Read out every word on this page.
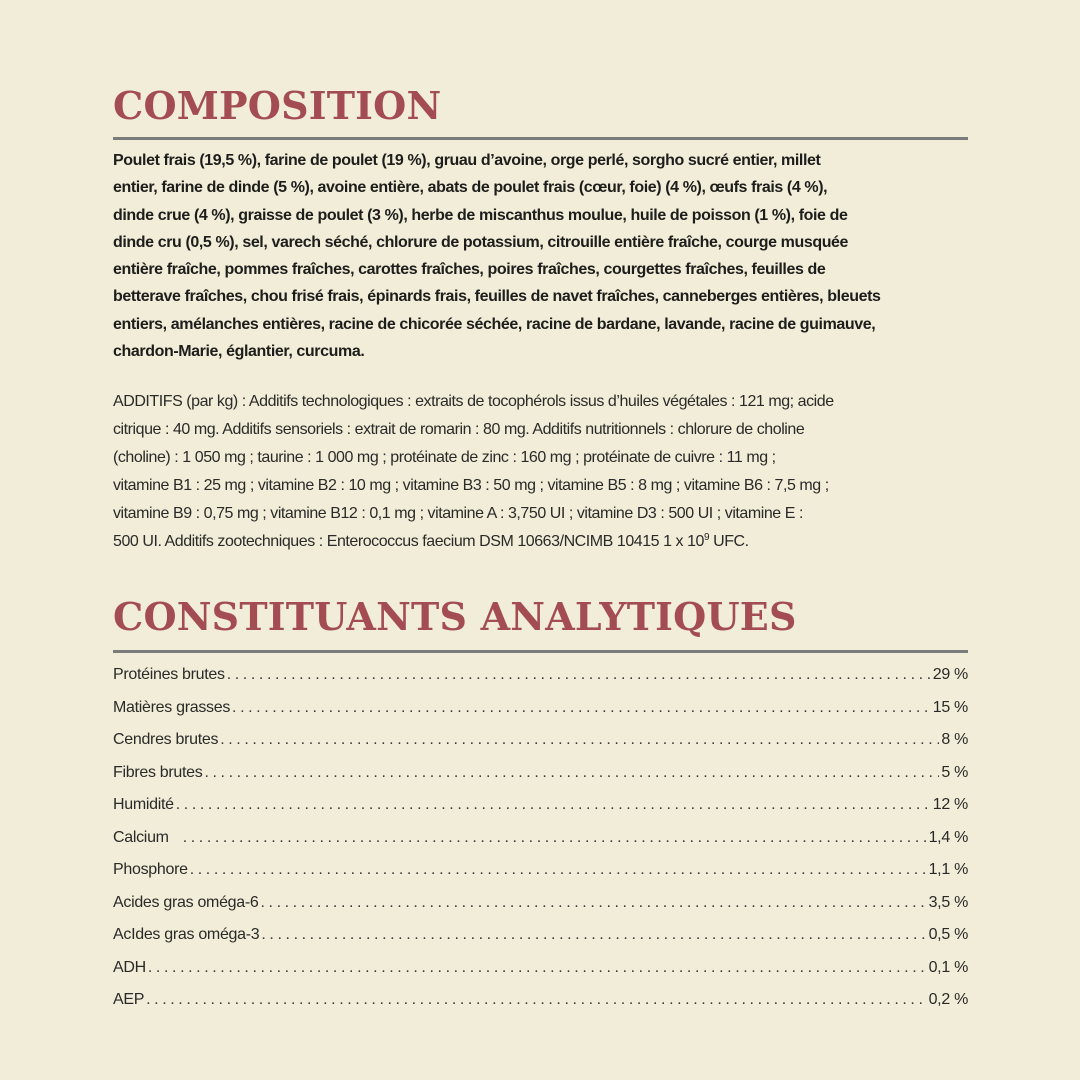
COMPOSITION

Poulet frais (19,5 %), farine de poulet (19 %), gruau d’avoine, orge perlé, sorgho sucré entier, millet
entier, farine de dinde (5 %), avoine entière, abats de poulet frais (cœur, foie) (4 %), œufs frais (4 %),
dinde crue (4 %), graisse de poulet (3 %), herbe de miscanthus moulue, huile de poisson (1 %), foie de
dinde cru (0,5 %), sel, varech séché, chlorure de potassium, citrouille entière fraîche, courge musquée
entière fraîche, pommes fraîches, carottes fraîches, poires fraîches, courgettes fraîches, feuilles de
betterave fraîches, chou frisé frais, épinards frais, feuilles de navet fraîches, canneberges entières, bleuets
entiers, amélanches entières, racine de chicorée séchée, racine de bardane, lavande, racine de guimauve,
chardon-Marie, églantier, curcuma.

ADDITIFS (par kg) : Additifs technologiques : extraits de tocophérols issus d’huiles végétales : 121 mg; acide
citrique : 40 mg. Additifs sensoriels : extrait de romarin : 80 mg. Additifs nutritionnels : chlorure de choline
(choline) : 1 050 mg ; taurine : 1 000 mg ; protéinate de zinc : 160 mg ; protéinate de cuivre : 11 mg ;
vitamine B1 : 25 mg ; vitamine B2 : 10 mg ; vitamine B3 : 50 mg ; vitamine B5 : 8 mg ; vitamine B6 : 7,5 mg ;
vitamine B9 : 0,75 mg ; vitamine B12 : 0,1 mg ; vitamine A : 3,750 UI ; vitamine D3 : 500 UI ; vitamine E :
500 UI. Additifs zootechniques : Enterococcus faecium DSM 10663/NCIMB 10415 1 x $10^9$ UFC.

CONSTITUANTS ANALYTIQUES
Protéines brutes .....	29 %
Matières grasses .....	15 %
Cendres brutes .....	8 %
Fibres brutes .....	5 %
Humidité .....	12 %
Calcium .....	1,4 %
Phosphore .....	1,1 %
Acides gras oméga-6 .....	3,5 %
AcIdes gras oméga-3 .....	0,5 %
ADH .....	0,1 %
AEP .....	0,2 %
